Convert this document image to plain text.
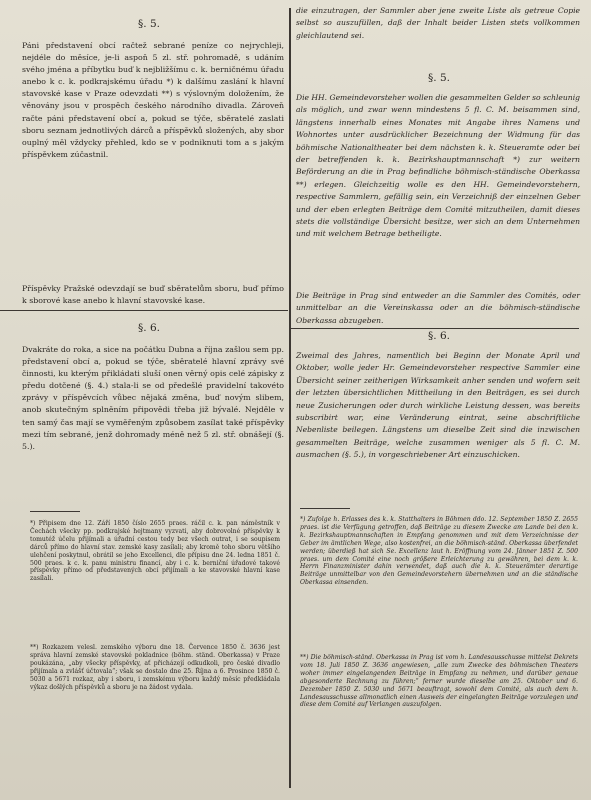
§. 5.
Páni představení obcí račtež sebrané peníze co nejrychleji, nejdéle do měsíce, je-li aspoň 5 zl. stř. pohromadě, s udáním svého jména a příbytku buď k nejbližšímu c. k. berničnému úřadu anebo k c. k. podkrajskému úřadu *) k dalšímu zaslání k hlavní stavovské kase v Praze odevzdati **) s výslovným doložením, že věnovány jsou v prospěch českého národního divadla. Zároveň račte páni představení obcí a, pokud se týče, sběratelé zaslati sboru seznam jednotlivých dárců a příspěvků složených, aby sbor ouplný měl vždycky přehled, kdo se v podniknuti tom a s jakým příspěvkem zúčastnil.
Příspěvky Pražské odevzdají se buď sběratelům sboru, buď přímo k sborové kase anebo k hlavní stavovské kase.
§. 6.
Dvakráte do roka, a sice na počátku Dubna a října zašlou sem pp. představení obcí a, pokud se týče, sběratelé hlavní zprávy své činnosti, ku kterým přikládati sluší onen věrný opis celé zápisky z předu dotčené (§. 4.) stala-li se od předešlé pravidelní takovéto zprávy v příspěvcích vůbec nějaká změna, buď novým slibem, anob skutečným splněním připovědi třeba již bývalé. Nejděle v ten samý čas mají se vyměřeným způsobem zasílat také příspěvky mezi tím sebrané, jenž dohromady méně než 5 zl. stř. obnášejí (§. 5.).
*) Připisem dne 12. Září 1850 číslo 2655 praes. ráčil c. k. pan náměstník v Čechách všecky pp. podkrajské hejtmany vyzvati, aby dobrovolné příspěvky k tomutéž účelu přijímali a úřadní cestou tedy bez všech outrat, i se soupisem dárců přímo do hlavní stav. zemské kasy zasílali; aby kromě toho sboru většího ulehčení poskytnul, obrátil se jeho Excellenci, dle přípisu dne 24. ledna 1851 č. 500 praes. k c. k. panu ministru financí, aby i c. k. berniční úřadové takové příspěvky přímo od představených obcí přijímali a ke stavovské hlavní kase zasílali.
**) Rozkazem velesl. zemského výboru dne 18. Července 1850 č. 3636 jest správa hlavní zemské stavovské pokladnice (böhm. ständ. Oberkassa) v Praze poukázána, „aby všecky příspěvky, ať přicházejí odkudkoli, pro české divadlo přijímala a zvlášť účtovala“; však se dostalo dne 25. Října a 6. Prosince 1850 č. 5030 a 5671 rozkaz, aby i sboru, i zemskému výboru každý měsíc předkládala výkaz došlých příspěvků a sboru je na žádost vydala.
die einzutragen, der Sammler aber jene zweite Liste als getreue Copie selbst so auszufüllen, daß der Inhalt beider Listen stets vollkommen gleichlautend sei.
§. 5.
Die HH. Gemeindevorsteher wollen die gesammelten Gelder so schleunig als möglich, und zwar wenn mindestens 5 fl. C. M. beisammen sind, längstens innerhalb eines Monates mit Angabe ihres Namens und Wohnortes unter ausdrücklicher Bezeichnung der Widmung für das böhmische Nationaltheater bei dem nächsten k. k. Steueramte oder bei der betreffenden k. k. Bezirkshauptmannschaft *) zur weitern Beförderung an die in Prag befindliche böhmisch-ständische Oberkassa **) erlegen. Gleichzeitig wolle es den HH. Gemeindevorstehern, respective Sammlern, gefällig sein, ein Verzeichniß der einzelnen Geber und der eben erlegten Beiträge dem Comité mitzutheilen, damit dieses stets die vollständige Übersicht besitze, wer sich an dem Unternehmen und mit welchem Betrage betheiligte.
Die Beiträge in Prag sind entweder an die Sammler des Comités, oder unmittelbar an die Vereinskassa oder an die böhmisch-ständische Oberkassa abzugeben.
§. 6.
Zweimal des Jahres, namentlich bei Beginn der Monate April und Oktober, wolle jeder Hr. Gemeindevorsteher respective Sammler eine Übersicht seiner zeitherigen Wirksamkeit anher senden und wofern seit der letzten übersichtlichen Mittheilung in den Beiträgen, es sei durch neue Zusicherungen oder durch wirkliche Leistung dessen, was bereits subscribirt war, eine Veränderung eintrat, seine abschriftliche Nebenliste beilegen. Längstens um dieselbe Zeit sind die inzwischen gesammelten Beiträge, welche zusammen weniger als 5 fl. C. M. ausmachen (§. 5.), in vorgeschriebener Art einzuschicken.
*) Zufolge h. Erlasses des k. k. Statthalters in Böhmen ddo. 12. September 1850 Z. 2655 praes. ist die Verfügung getroffen, daß Beiträge zu diesem Zwecke am Lande bei den k. k. Bezirkshauptmannschaften in Empfang genommen und mit dem Verzeichnisse der Geber im ämtlichen Wege, also kostenfrei, an die böhmisch-ständ. Oberkassa überfendet werden; überdieß hat sich Se. Excellenz laut h. Eröffnung vom 24. Jänner 1851 Z. 500 praes. um dem Comité eine noch größere Erleichterung zu gewähren, bei dem k. k. Herrn Finanzminister dahin verwendet, daß auch die k. k. Steuerämter derartige Beiträge unmittelbar von den Gemeindevorstehern übernehmen und an die ständische Oberkassa einsenden.
**) Die böhmisch-ständ. Oberkassa in Prag ist vom h. Landesausschusse mittelst Dekrets vom 18. Juli 1850 Z. 3636 angewiesen, „alle zum Zwecke des böhmischen Theaters woher immer eingelangenden Beiträge in Empfang zu nehmen, und darüber genaue abgesonderte Rechnung zu führen;“ ferner wurde dieselbe am 25. Oktober und 6. Dezember 1850 Z. 5030 und 5671 beauftragt, sowohl dem Comité, als auch dem h. Landesausschusse allmonatlich einen Ausweis der eingelangten Beiträge vorzulegen und diese dem Comité auf Verlangen auszufolgen.
